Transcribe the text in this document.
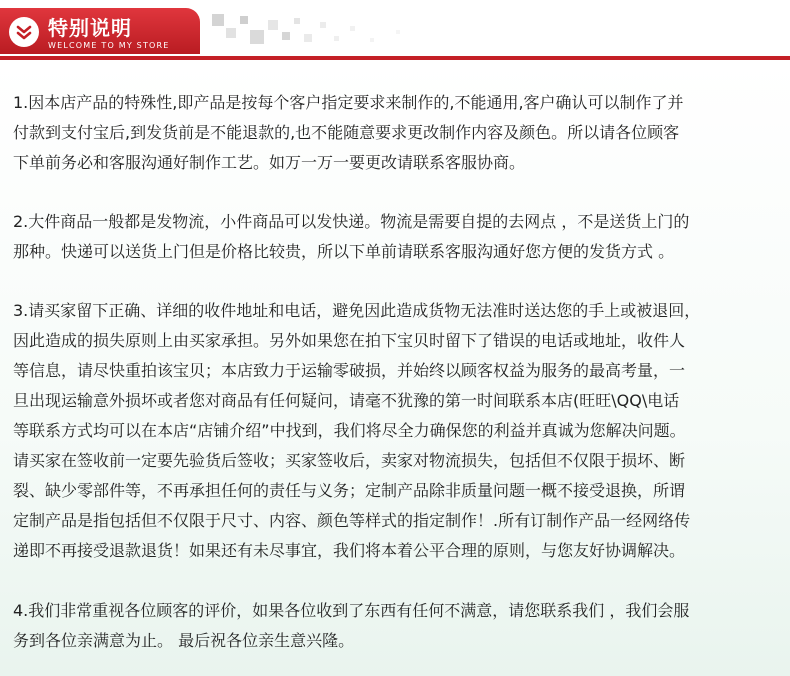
特别说明
WELCOME TO MY STORE

1.因本店产品的特殊性,即产品是按每个客户指定要求来制作的,不能通用,客户确认可以制作了并
付款到支付宝后,到发货前是不能退款的,也不能随意要求更改制作内容及颜色。所以请各位顾客
下单前务必和客服沟通好制作工艺。如万一万一要更改请联系客服协商。

2.大件商品一般都是发物流，小件商品可以发快递。物流是需要自提的去网点 ，不是送货上门的
那种。快递可以送货上门但是价格比较贵，所以下单前请联系客服沟通好您方便的发货方式 。

3.请买家留下正确、详细的收件地址和电话，避免因此造成货物无法准时送达您的手上或被退回，
因此造成的损失原则上由买家承担。另外如果您在拍下宝贝时留下了错误的电话或地址，收件人
等信息，请尽快重拍该宝贝；本店致力于运输零破损，并始终以顾客权益为服务的最高考量，一
旦出现运输意外损坏或者您对商品有任何疑问，请毫不犹豫的第一时间联系本店(旺旺\QQ\电话
等联系方式均可以在本店“店铺介绍”中找到，我们将尽全力确保您的利益并真诚为您解决问题。
请买家在签收前一定要先验货后签收；买家签收后，卖家对物流损失，包括但不仅限于损坏、断
裂、缺少零部件等，不再承担任何的责任与义务；定制产品除非质量问题一概不接受退换，所谓
定制产品是指包括但不仅限于尺寸、内容、颜色等样式的指定制作！.所有订制作产品一经网络传
递即不再接受退款退货！如果还有未尽事宜，我们将本着公平合理的原则，与您友好协调解决。

4.我们非常重视各位顾客的评价，如果各位收到了东西有任何不满意，请您联系我们 ，我们会服
务到各位亲满意为止。 最后祝各位亲生意兴隆。
